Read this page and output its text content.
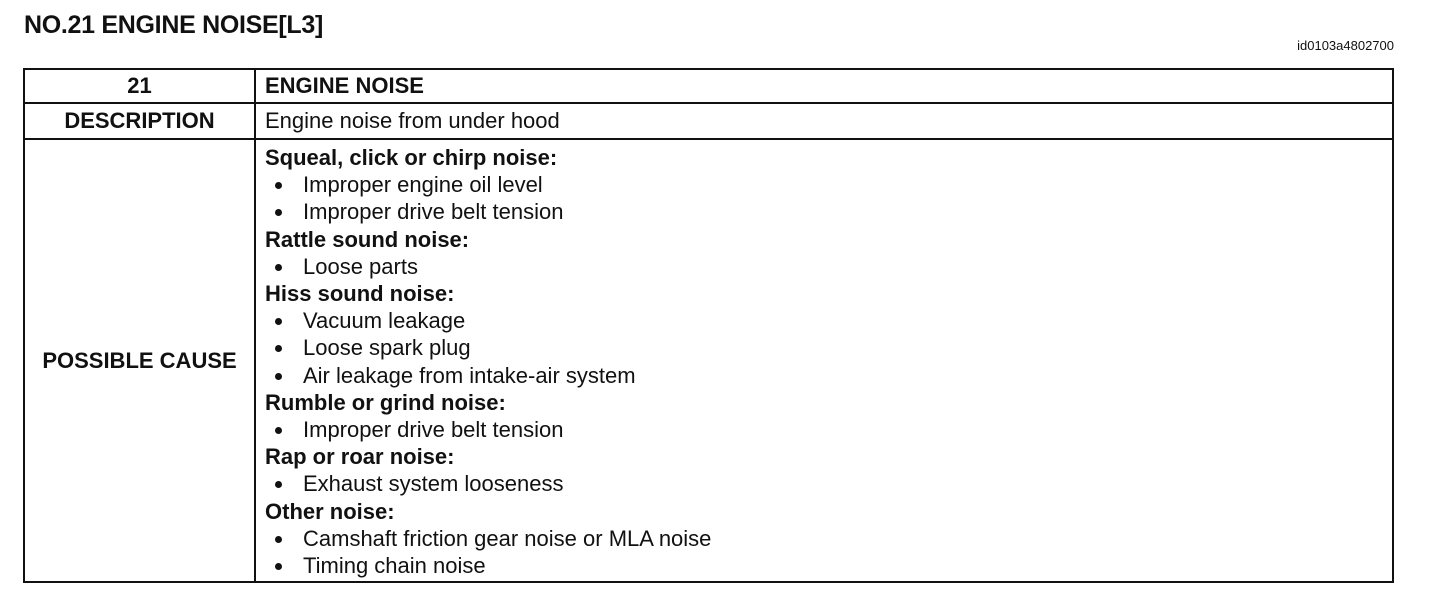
NO.21 ENGINE NOISE[L3]
id0103a4802700
21	ENGINE NOISE
DESCRIPTION	Engine noise from under hood
POSSIBLE CAUSE
Squeal, click or chirp noise:
Improper engine oil level
Improper drive belt tension
Rattle sound noise:
Loose parts
Hiss sound noise:
Vacuum leakage
Loose spark plug
Air leakage from intake-air system
Rumble or grind noise:
Improper drive belt tension
Rap or roar noise:
Exhaust system looseness
Other noise:
Camshaft friction gear noise or MLA noise
Timing chain noise
